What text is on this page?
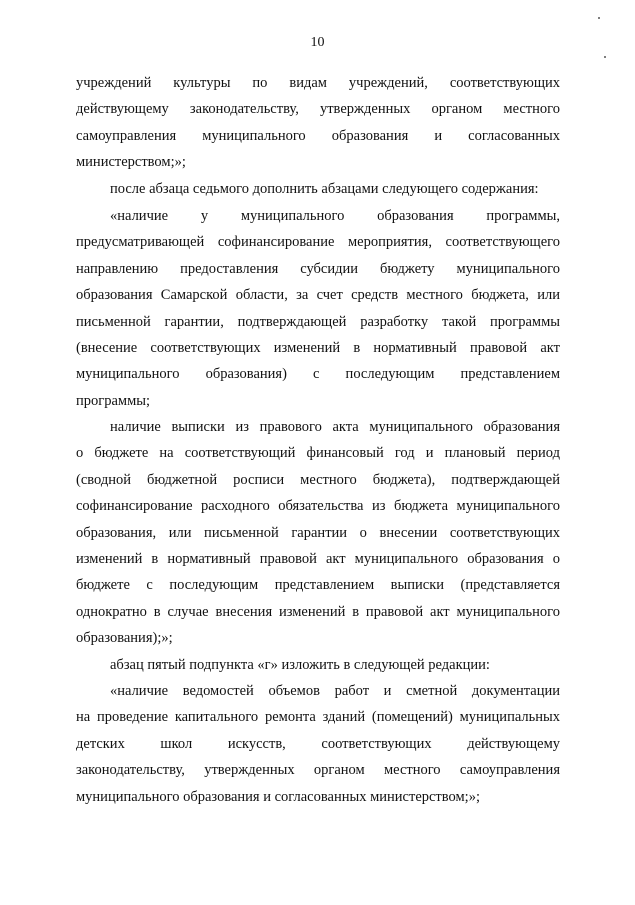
10
учреждений культуры по видам учреждений, соответствующих
действующему законодательству, утвержденных органом местного
самоуправления муниципального образования и согласованных
министерством;»;
после абзаца седьмого дополнить абзацами следующего содержания:
«наличие у муниципального образования программы,
предусматривающей софинансирование мероприятия, соответствующего
направлению предоставления субсидии бюджету муниципального
образования Самарской области, за счет средств местного бюджета, или
письменной гарантии, подтверждающей разработку такой программы
(внесение соответствующих изменений в нормативный правовой акт
муниципального образования) с последующим представлением
программы;
наличие выписки из правового акта муниципального образования
о бюджете на соответствующий финансовый год и плановый период
(сводной бюджетной росписи местного бюджета), подтверждающей
софинансирование расходного обязательства из бюджета муниципального
образования, или письменной гарантии о внесении соответствующих
изменений в нормативный правовой акт муниципального образования о
бюджете с последующим представлением выписки (представляется
однократно в случае внесения изменений в правовой акт муниципального
образования);»;
абзац пятый подпункта «г» изложить в следующей редакции:
«наличие ведомостей объемов работ и сметной документации
на проведение капитального ремонта зданий (помещений) муниципальных
детских школ искусств, соответствующих действующему
законодательству, утвержденных органом местного самоуправления
муниципального образования и согласованных министерством;»;
